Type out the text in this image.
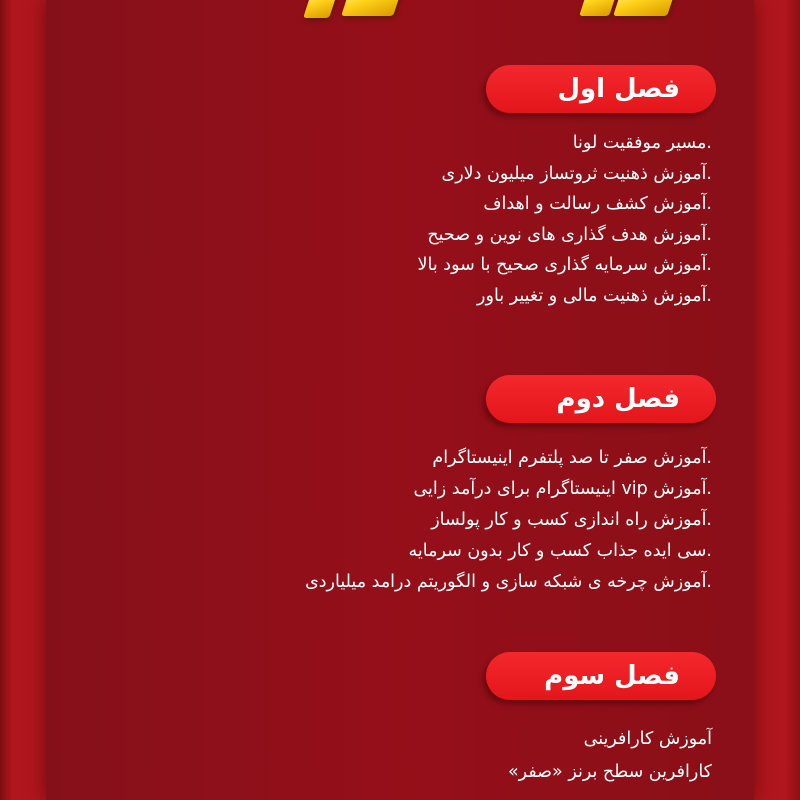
فصل اول
.مسیر موفقیت لونا
.آموزش ذهنیت ثروتساز میلیون دلاری
.آموزش کشف رسالت و اهداف
.آموزش هدف گذاری های نوین و صحیح
.آموزش سرمایه گذاری صحیح با سود بالا
.آموزش ذهنیت مالی و تغییر باور
فصل دوم
.آموزش صفر تا صد پلتفرم اینیستاگرام
.آموزش vip اینیستاگرام برای درآمد زایی
.آموزش راه اندازی کسب و کار پولساز
.سی ایده جذاب کسب و کار بدون سرمایه
.آموزش چرخه ی شبکه سازی و الگوریتم درامد میلیاردی
فصل سوم
آموزش کارافرینی
کارافرین سطح برنز «صفر»
